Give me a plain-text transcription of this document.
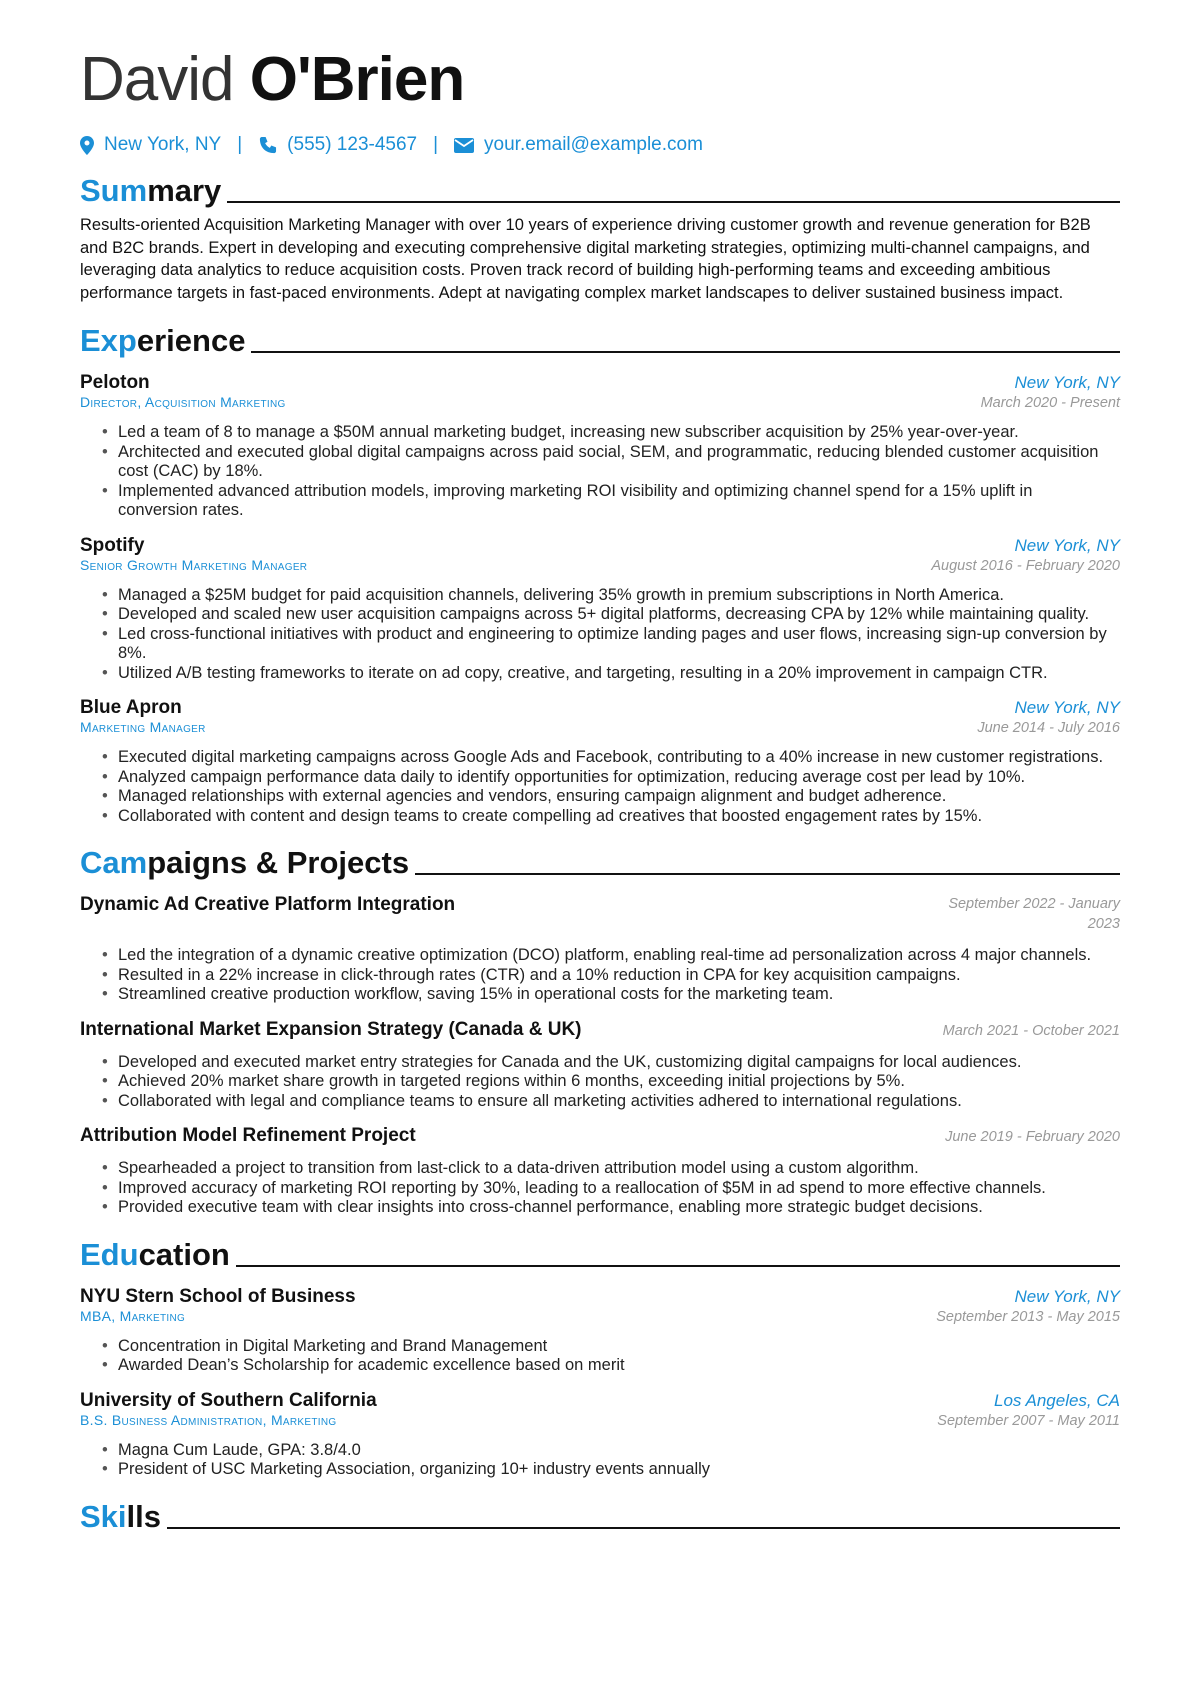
David O'Brien
New York, NY | (555) 123-4567 | your.email@example.com
Summary
Results-oriented Acquisition Marketing Manager with over 10 years of experience driving customer growth and revenue generation for B2B and B2C brands. Expert in developing and executing comprehensive digital marketing strategies, optimizing multi-channel campaigns, and leveraging data analytics to reduce acquisition costs. Proven track record of building high-performing teams and exceeding ambitious performance targets in fast-paced environments. Adept at navigating complex market landscapes to deliver sustained business impact.
Experience
Peloton	New York, NY
Director, Acquisition Marketing	March 2020 - Present
• Led a team of 8 to manage a $50M annual marketing budget, increasing new subscriber acquisition by 25% year-over-year.
• Architected and executed global digital campaigns across paid social, SEM, and programmatic, reducing blended customer acquisition cost (CAC) by 18%.
• Implemented advanced attribution models, improving marketing ROI visibility and optimizing channel spend for a 15% uplift in conversion rates.
Spotify	New York, NY
Senior Growth Marketing Manager	August 2016 - February 2020
• Managed a $25M budget for paid acquisition channels, delivering 35% growth in premium subscriptions in North America.
• Developed and scaled new user acquisition campaigns across 5+ digital platforms, decreasing CPA by 12% while maintaining quality.
• Led cross-functional initiatives with product and engineering to optimize landing pages and user flows, increasing sign-up conversion by 8%.
• Utilized A/B testing frameworks to iterate on ad copy, creative, and targeting, resulting in a 20% improvement in campaign CTR.
Blue Apron	New York, NY
Marketing Manager	June 2014 - July 2016
• Executed digital marketing campaigns across Google Ads and Facebook, contributing to a 40% increase in new customer registrations.
• Analyzed campaign performance data daily to identify opportunities for optimization, reducing average cost per lead by 10%.
• Managed relationships with external agencies and vendors, ensuring campaign alignment and budget adherence.
• Collaborated with content and design teams to create compelling ad creatives that boosted engagement rates by 15%.
Campaigns & Projects
Dynamic Ad Creative Platform Integration	September 2022 - January 2023
• Led the integration of a dynamic creative optimization (DCO) platform, enabling real-time ad personalization across 4 major channels.
• Resulted in a 22% increase in click-through rates (CTR) and a 10% reduction in CPA for key acquisition campaigns.
• Streamlined creative production workflow, saving 15% in operational costs for the marketing team.
International Market Expansion Strategy (Canada & UK)	March 2021 - October 2021
• Developed and executed market entry strategies for Canada and the UK, customizing digital campaigns for local audiences.
• Achieved 20% market share growth in targeted regions within 6 months, exceeding initial projections by 5%.
• Collaborated with legal and compliance teams to ensure all marketing activities adhered to international regulations.
Attribution Model Refinement Project	June 2019 - February 2020
• Spearheaded a project to transition from last-click to a data-driven attribution model using a custom algorithm.
• Improved accuracy of marketing ROI reporting by 30%, leading to a reallocation of $5M in ad spend to more effective channels.
• Provided executive team with clear insights into cross-channel performance, enabling more strategic budget decisions.
Education
NYU Stern School of Business	New York, NY
MBA, Marketing	September 2013 - May 2015
• Concentration in Digital Marketing and Brand Management
• Awarded Dean’s Scholarship for academic excellence based on merit
University of Southern California	Los Angeles, CA
B.S. Business Administration, Marketing	September 2007 - May 2011
• Magna Cum Laude, GPA: 3.8/4.0
• President of USC Marketing Association, organizing 10+ industry events annually
Skills
